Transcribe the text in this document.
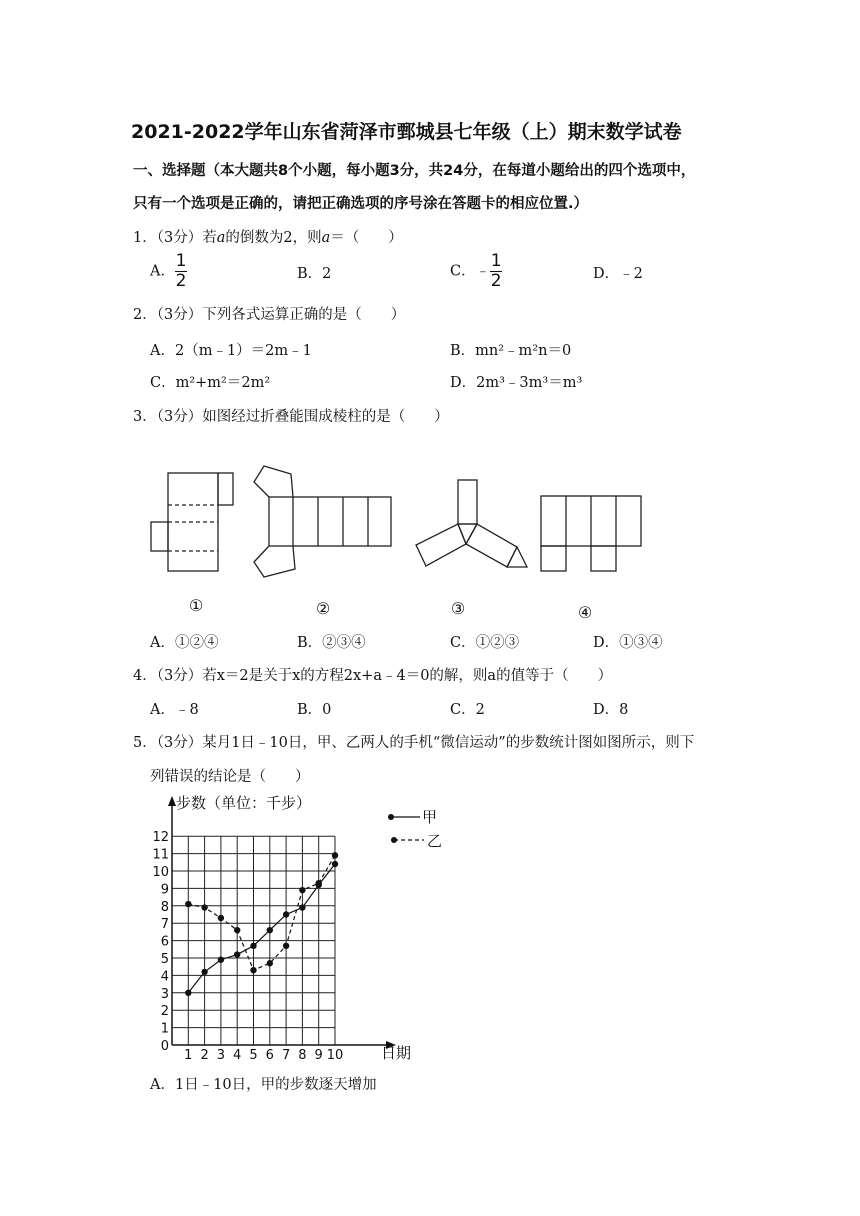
2021-2022学年山东省菏泽市鄄城县七年级（上）期末数学试卷
一、选择题（本大题共8个小题，每小题3分，共24分，在每道小题给出的四个选项中，
只有一个选项是正确的，请把正确选项的序号涂在答题卡的相应位置.）
1．（3分）若a的倒数为2，则a＝（　　）
A． $\frac{1}{2}$	B．2	C．﹣ $\frac{1}{2}$	D．﹣2
2．（3分）下列各式运算正确的是（　　）
A．2（m﹣1）＝2m﹣1	B．mn²﹣m²n＝0
C．m²+m²＝2m²	D．2m³﹣3m³＝m³
3．（3分）如图经过折叠能围成棱柱的是（　　）
①	②	③	④
A．①②④	B．②③④	C．①②③	D．①③④
4．（3分）若x＝2是关于x的方程2x+a﹣4＝0的解，则a的值等于（　　）
A．﹣8	B．0	C．2	D．8
5．（3分）某月1日﹣10日，甲、乙两人的手机“微信运动”的步数统计图如图所示，则下
列错误的结论是（　　）
0
1
2
3
4
5
6
7
8
9
10
11
12
1 2 3 4 5 6 7 8 9 10
步数（单位：千步）
日期
甲
乙
A．1日﹣10日，甲的步数逐天增加
